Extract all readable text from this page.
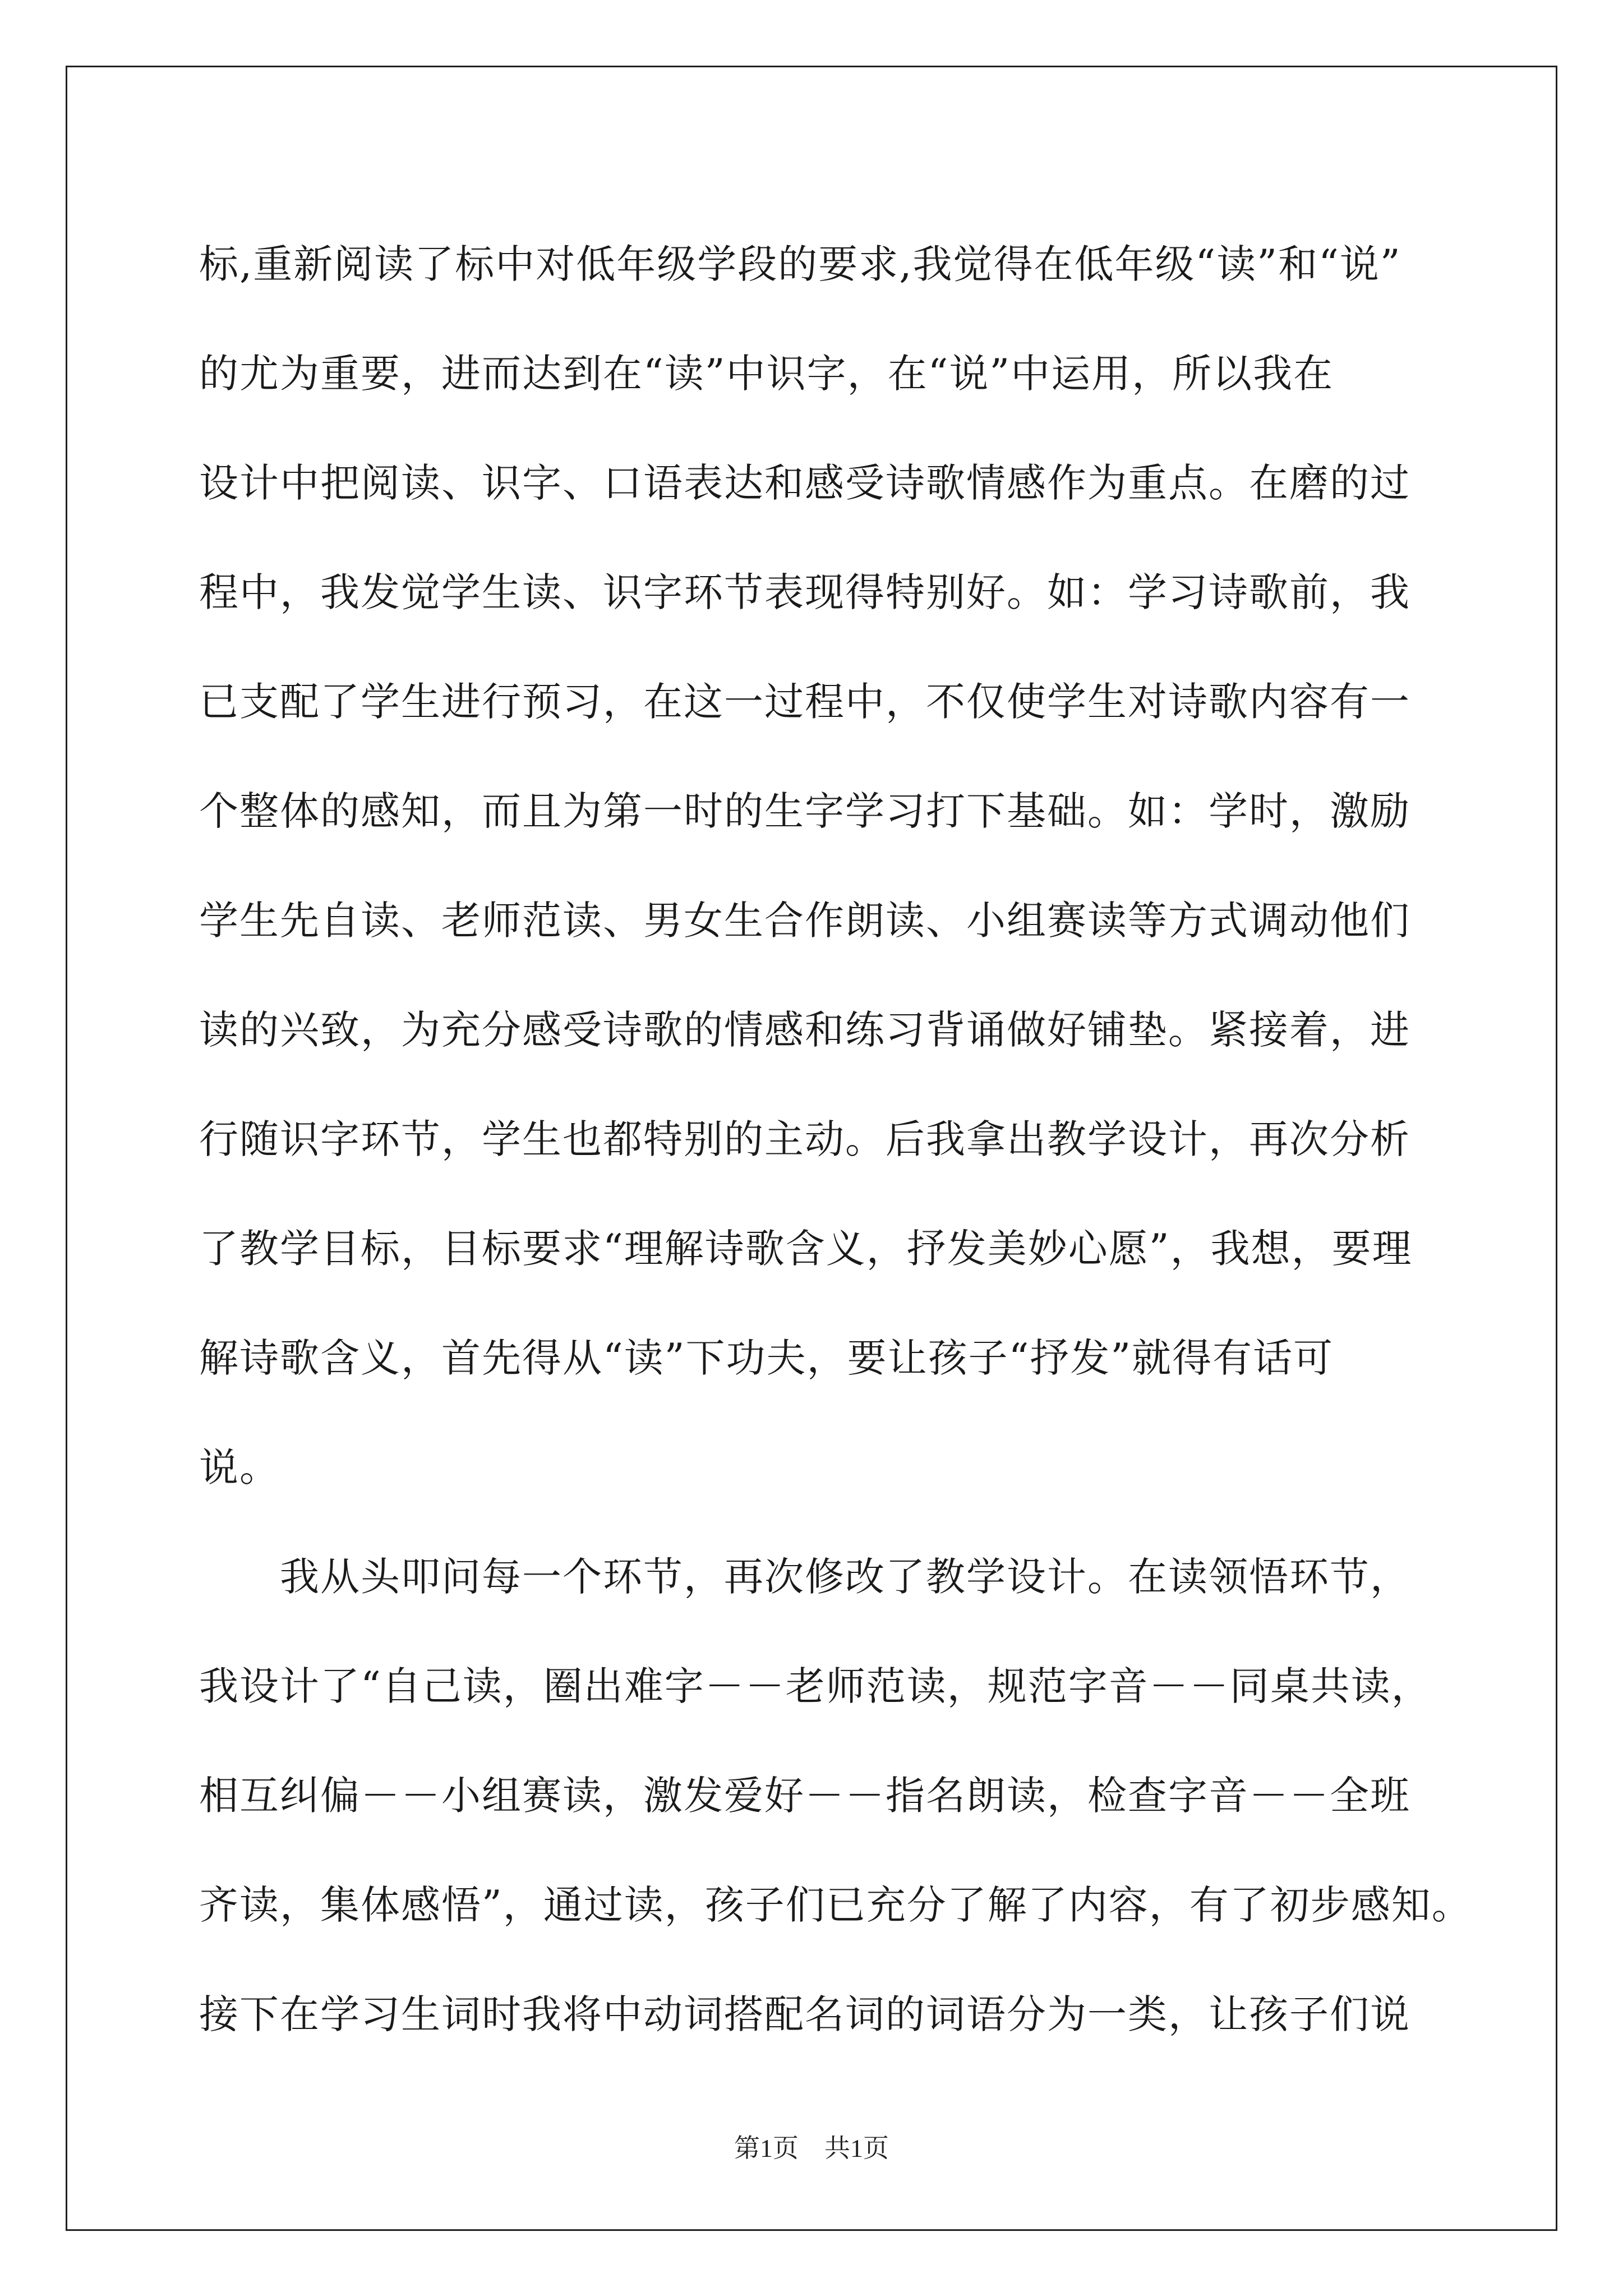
标,重新阅读了标中对低年级学段的要求,我觉得在低年级“读”和“说”
的尤为重要，进而达到在“读”中识字，在“说”中运用，所以我在
设计中把阅读、识字、口语表达和感受诗歌情感作为重点。在磨的过
程中，我发觉学生读、识字环节表现得特别好。如：学习诗歌前，我
已支配了学生进行预习，在这一过程中，不仅使学生对诗歌内容有一
个整体的感知，而且为第一时的生字学习打下基础。如：学时，激励
学生先自读、老师范读、男女生合作朗读、小组赛读等方式调动他们
读的兴致，为充分感受诗歌的情感和练习背诵做好铺垫。紧接着，进
行随识字环节，学生也都特别的主动。后我拿出教学设计，再次分析
了教学目标，目标要求“理解诗歌含义，抒发美妙心愿”，我想，要理
解诗歌含义，首先得从“读”下功夫，要让孩子“抒发”就得有话可
说。
　　我从头叩问每一个环节，再次修改了教学设计。在读领悟环节，
我设计了“自己读，圈出难字－－老师范读，规范字音－－同桌共读，
相互纠偏－－小组赛读，激发爱好－－指名朗读，检查字音－－全班
齐读，集体感悟”，通过读，孩子们已充分了解了内容，有了初步感知。
接下在学习生词时我将中动词搭配名词的词语分为一类，让孩子们说
第1页　共1页
